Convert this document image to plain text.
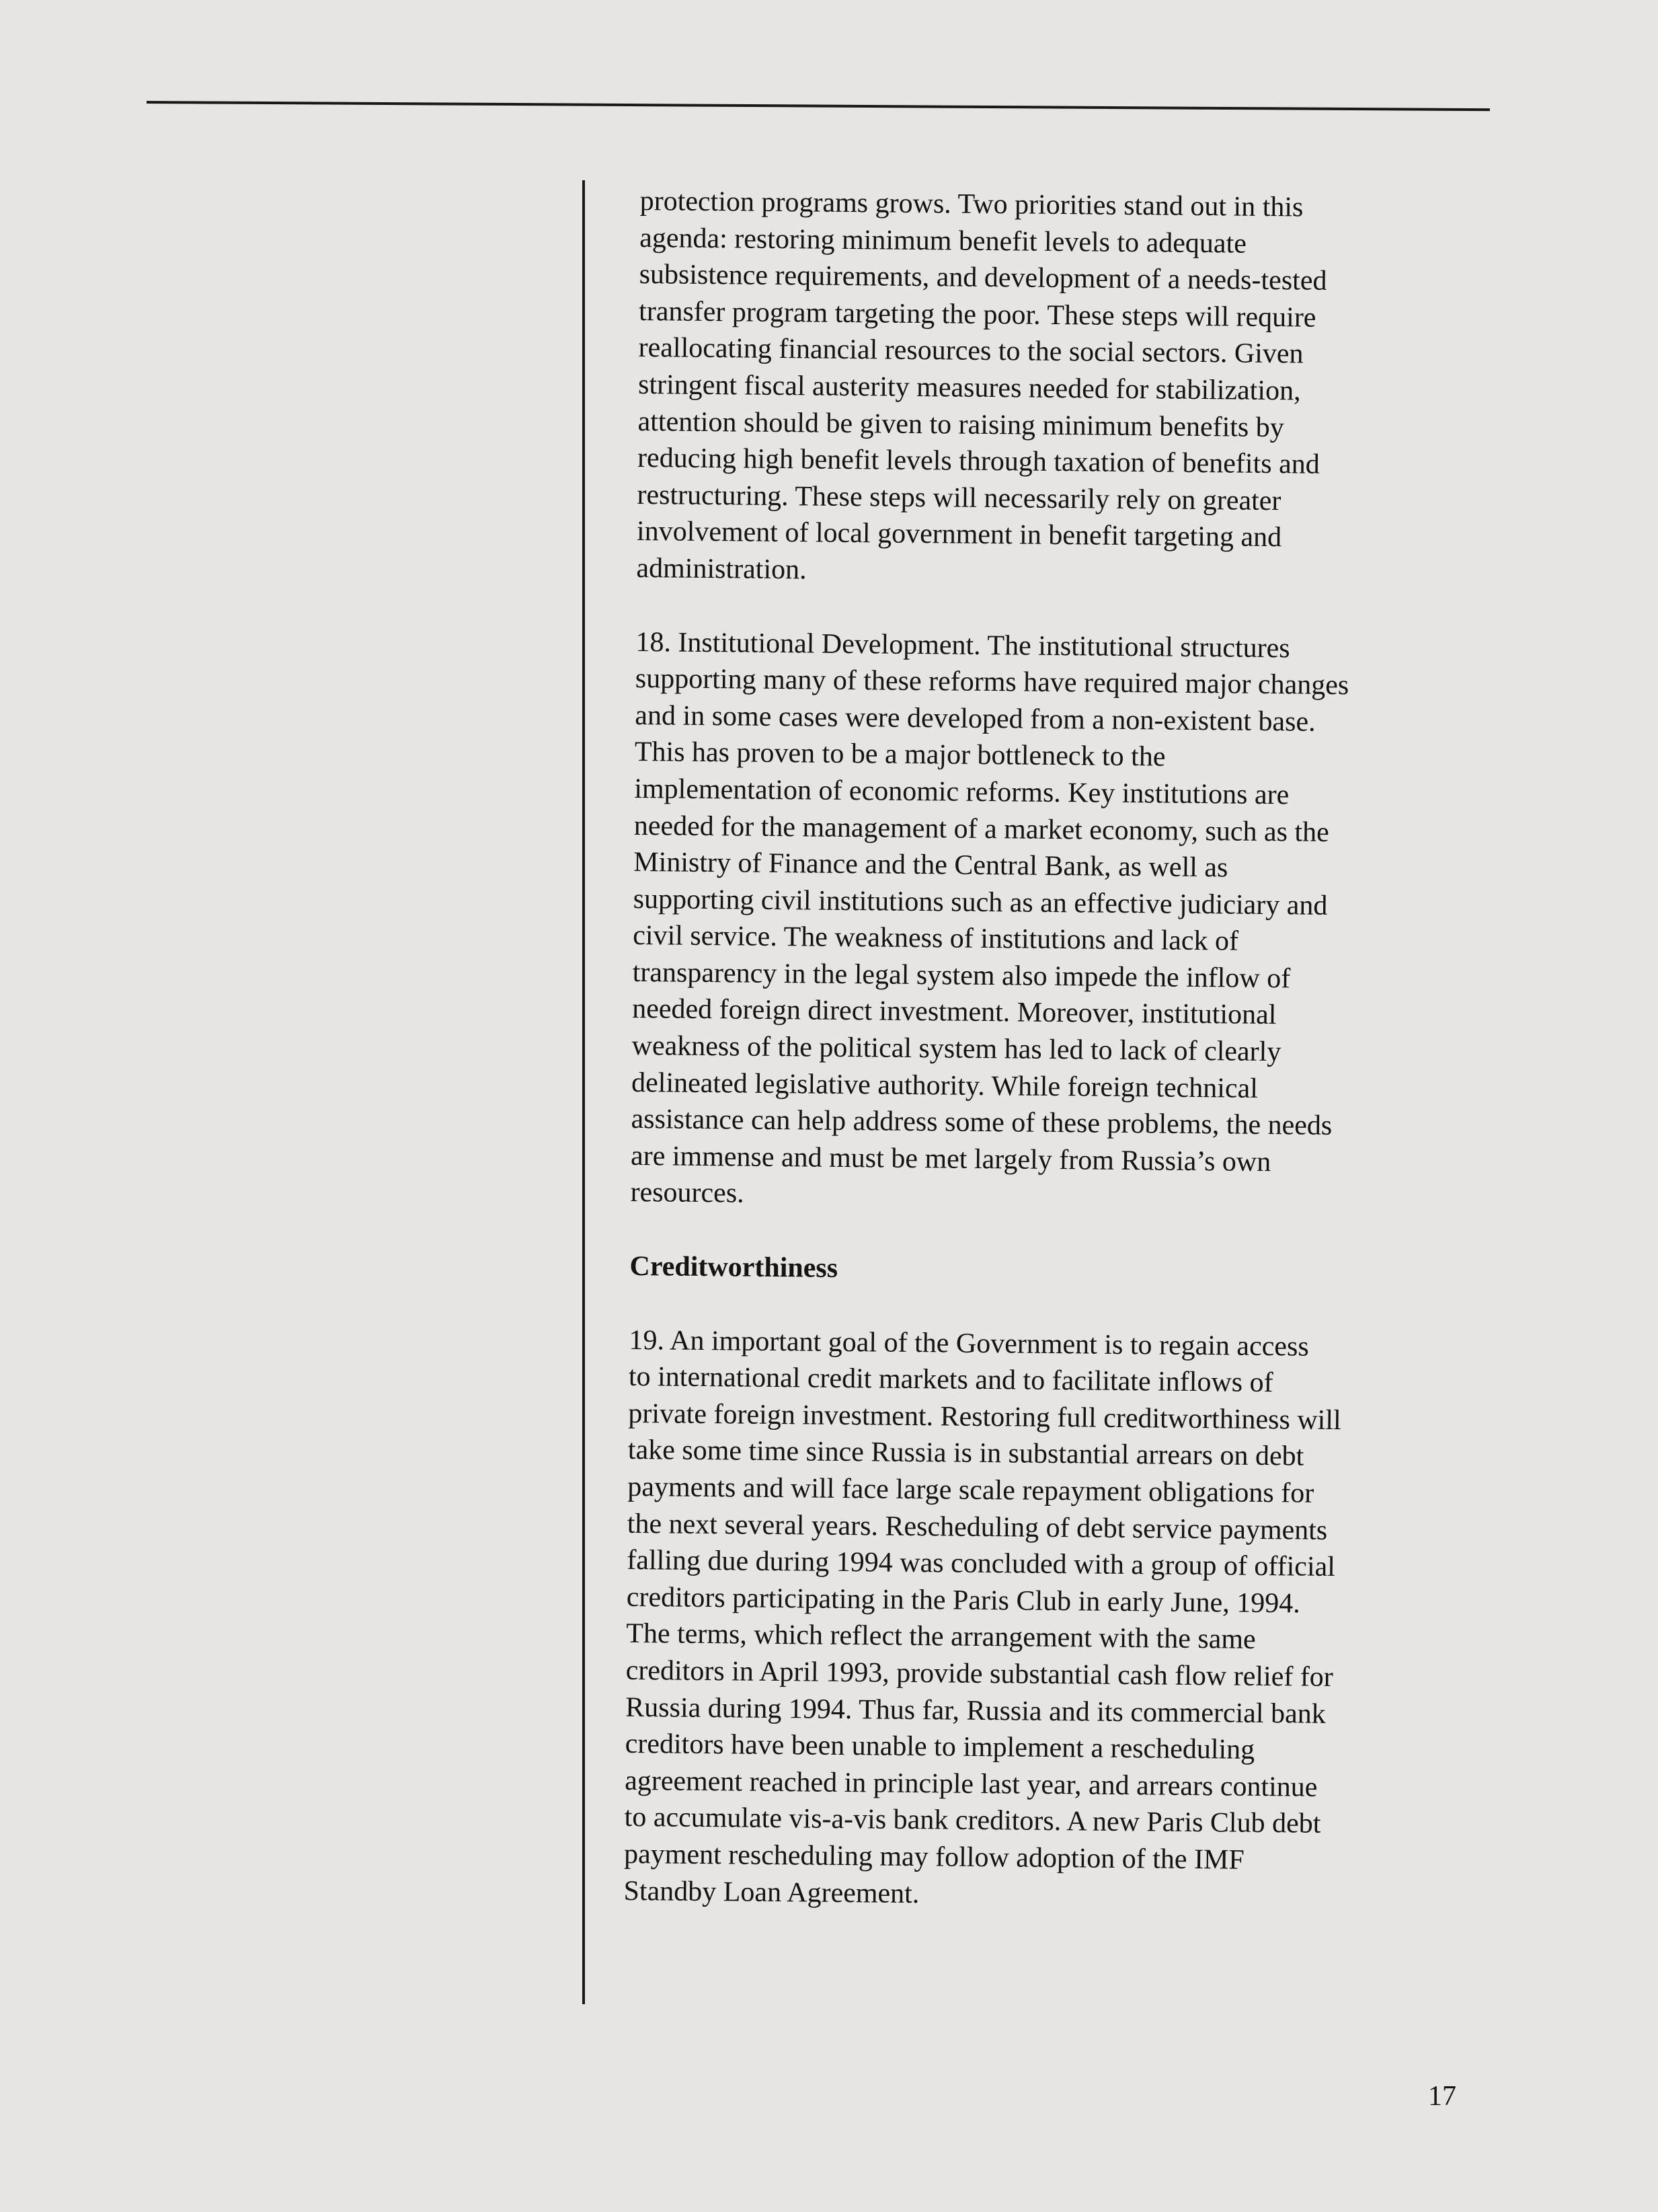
protection programs grows. Two priorities stand out in this
agenda: restoring minimum benefit levels to adequate
subsistence requirements, and development of a needs-tested
transfer program targeting the poor. These steps will require
reallocating financial resources to the social sectors. Given
stringent fiscal austerity measures needed for stabilization,
attention should be given to raising minimum benefits by
reducing high benefit levels through taxation of benefits and
restructuring. These steps will necessarily rely on greater
involvement of local government in benefit targeting and
administration.

18. Institutional Development. The institutional structures
supporting many of these reforms have required major changes
and in some cases were developed from a non-existent base.
This has proven to be a major bottleneck to the
implementation of economic reforms. Key institutions are
needed for the management of a market economy, such as the
Ministry of Finance and the Central Bank, as well as
supporting civil institutions such as an effective judiciary and
civil service. The weakness of institutions and lack of
transparency in the legal system also impede the inflow of
needed foreign direct investment. Moreover, institutional
weakness of the political system has led to lack of clearly
delineated legislative authority. While foreign technical
assistance can help address some of these problems, the needs
are immense and must be met largely from Russia’s own
resources.

Creditworthiness

19. An important goal of the Government is to regain access
to international credit markets and to facilitate inflows of
private foreign investment. Restoring full creditworthiness will
take some time since Russia is in substantial arrears on debt
payments and will face large scale repayment obligations for
the next several years. Rescheduling of debt service payments
falling due during 1994 was concluded with a group of official
creditors participating in the Paris Club in early June, 1994.
The terms, which reflect the arrangement with the same
creditors in April 1993, provide substantial cash flow relief for
Russia during 1994. Thus far, Russia and its commercial bank
creditors have been unable to implement a rescheduling
agreement reached in principle last year, and arrears continue
to accumulate vis-a-vis bank creditors. A new Paris Club debt
payment rescheduling may follow adoption of the IMF
Standby Loan Agreement.

17
